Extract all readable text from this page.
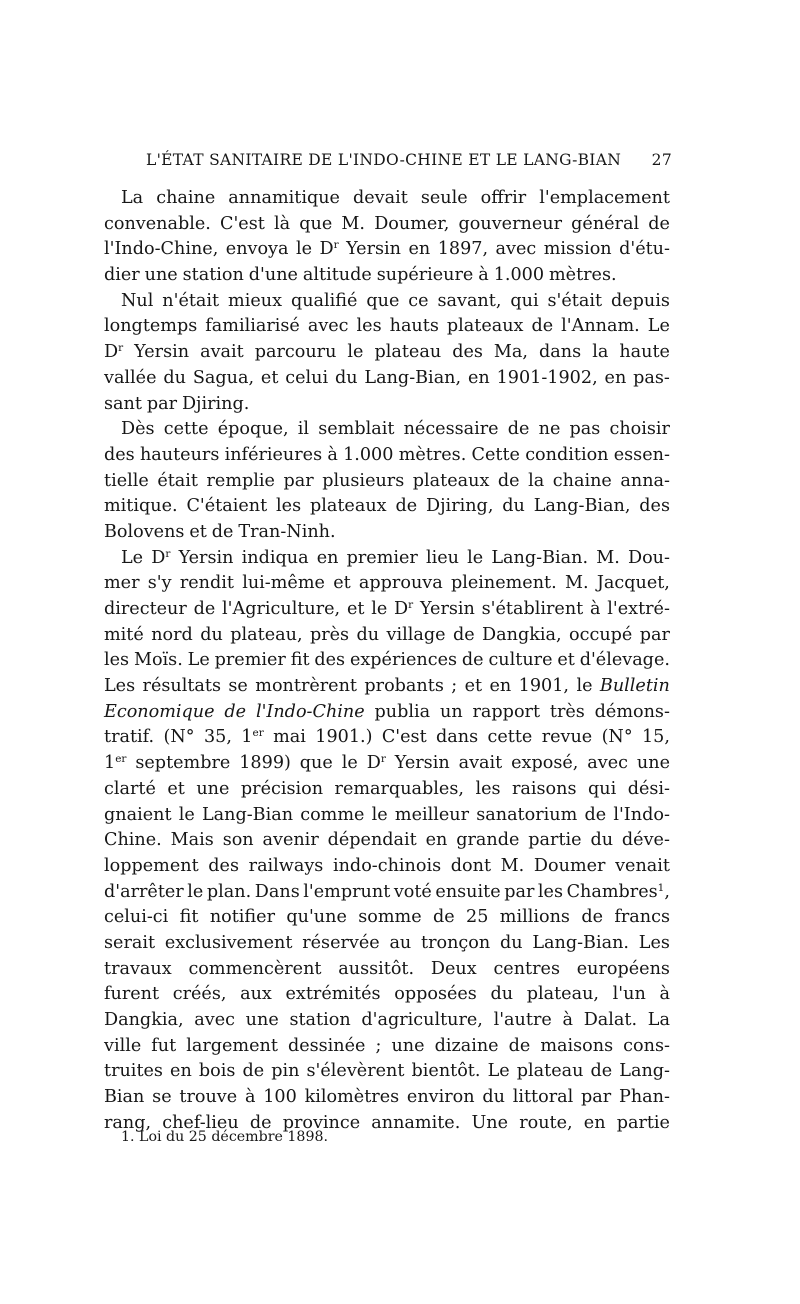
L'ÉTAT SANITAIRE DE L'INDO-CHINE ET LE LANG-BIAN 27
La chaine annamitique devait seule offrir l'emplacement
convenable. C'est là que M. Doumer, gouverneur général de
l'Indo-Chine, envoya le $D^r$ Yersin en 1897, avec mission d'étu-
dier une station d'une altitude supérieure à 1.000 mètres.
Nul n'était mieux qualifié que ce savant, qui s'était depuis
longtemps familiarisé avec les hauts plateaux de l'Annam. Le
$D^r$ Yersin avait parcouru le plateau des Ma, dans la haute
vallée du Sagua, et celui du Lang-Bian, en 1901-1902, en pas-
sant par Djiring.
Dès cette époque, il semblait nécessaire de ne pas choisir
des hauteurs inférieures à 1.000 mètres. Cette condition essen-
tielle était remplie par plusieurs plateaux de la chaine anna-
mitique. C'étaient les plateaux de Djiring, du Lang-Bian, des
Bolovens et de Tran-Ninh.
Le $D^r$ Yersin indiqua en premier lieu le Lang-Bian. M. Dou-
mer s'y rendit lui-même et approuva pleinement. M. Jacquet,
directeur de l'Agriculture, et le $D^r$ Yersin s'établirent à l'extré-
mité nord du plateau, près du village de Dangkia, occupé par
les Moïs. Le premier fit des expériences de culture et d'élevage.
Les résultats se montrèrent probants ; et en 1901, le Bulletin
Economique de l'Indo-Chine publia un rapport très démons-
tratif. (N° 35, 1er mai 1901.) C'est dans cette revue (N° 15,
1er septembre 1899) que le $D^r$ Yersin avait exposé, avec une
clarté et une précision remarquables, les raisons qui dési-
gnaient le Lang-Bian comme le meilleur sanatorium de l'Indo-
Chine. Mais son avenir dépendait en grande partie du déve-
loppement des railways indo-chinois dont M. Doumer venait
d'arrêter le plan. Dans l'emprunt voté ensuite par les Chambres$^1$,
celui-ci fit notifier qu'une somme de 25 millions de francs
serait exclusivement réservée au tronçon du Lang-Bian. Les
travaux commencèrent aussitôt. Deux centres européens
furent créés, aux extrémités opposées du plateau, l'un à
Dangkia, avec une station d'agriculture, l'autre à Dalat. La
ville fut largement dessinée ; une dizaine de maisons cons-
truites en bois de pin s'élevèrent bientôt. Le plateau de Lang-
Bian se trouve à 100 kilomètres environ du littoral par Phan-
rang, chef-lieu de province annamite. Une route, en partie
1. Loi du 25 décembre 1898.
